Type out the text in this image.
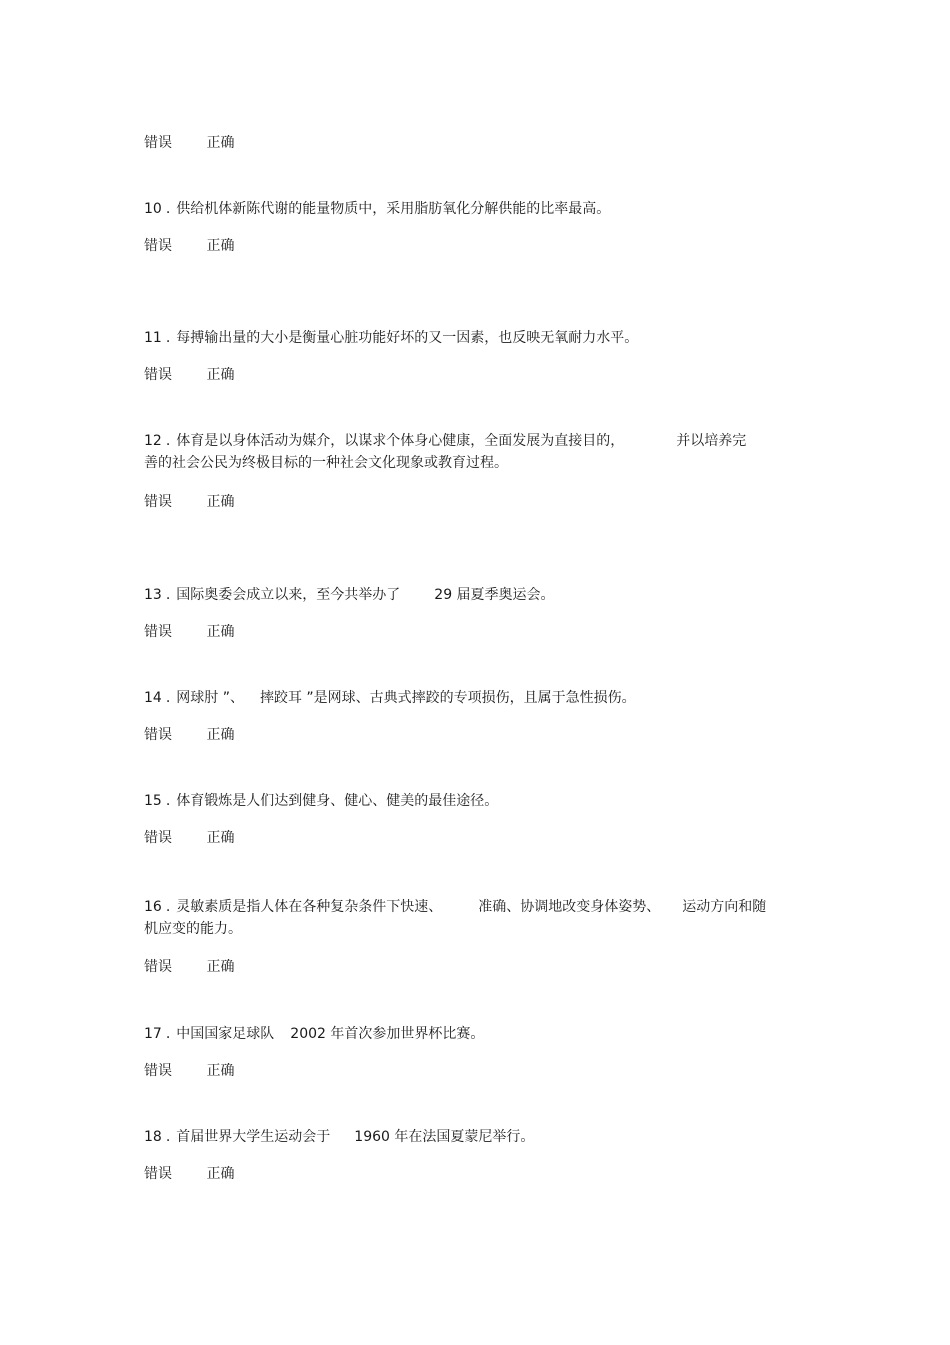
错误 正确
10 . 供给机体新陈代谢的能量物质中，采用脂肪氧化分解供能的比率最高。
错误 正确
11 . 每搏输出量的大小是衡量心脏功能好坏的又一因素，也反映无氧耐力水平。
错误 正确
12 . 体育是以身体活动为媒介，以谋求个体身心健康，全面发展为直接目的，	并以培养完
善的社会公民为终极目标的一种社会文化现象或教育过程。
错误 正确
13 . 国际奥委会成立以来，至今共举办了 29 届夏季奥运会。
错误 正确
14 . 网球肘 ”、 摔跤耳 ”是网球、古典式摔跤的专项损伤，且属于急性损伤。
错误 正确
15 . 体育锻炼是人们达到健身、健心、健美的最佳途径。
错误 正确
16 . 灵敏素质是指人体在各种复杂条件下快速、	准确、协调地改变身体姿势、 运动方向和随
机应变的能力。
错误 正确
17 . 中国国家足球队 2002 年首次参加世界杯比赛。
错误 正确
18 . 首届世界大学生运动会于 1960 年在法国夏蒙尼举行。
错误 正确
